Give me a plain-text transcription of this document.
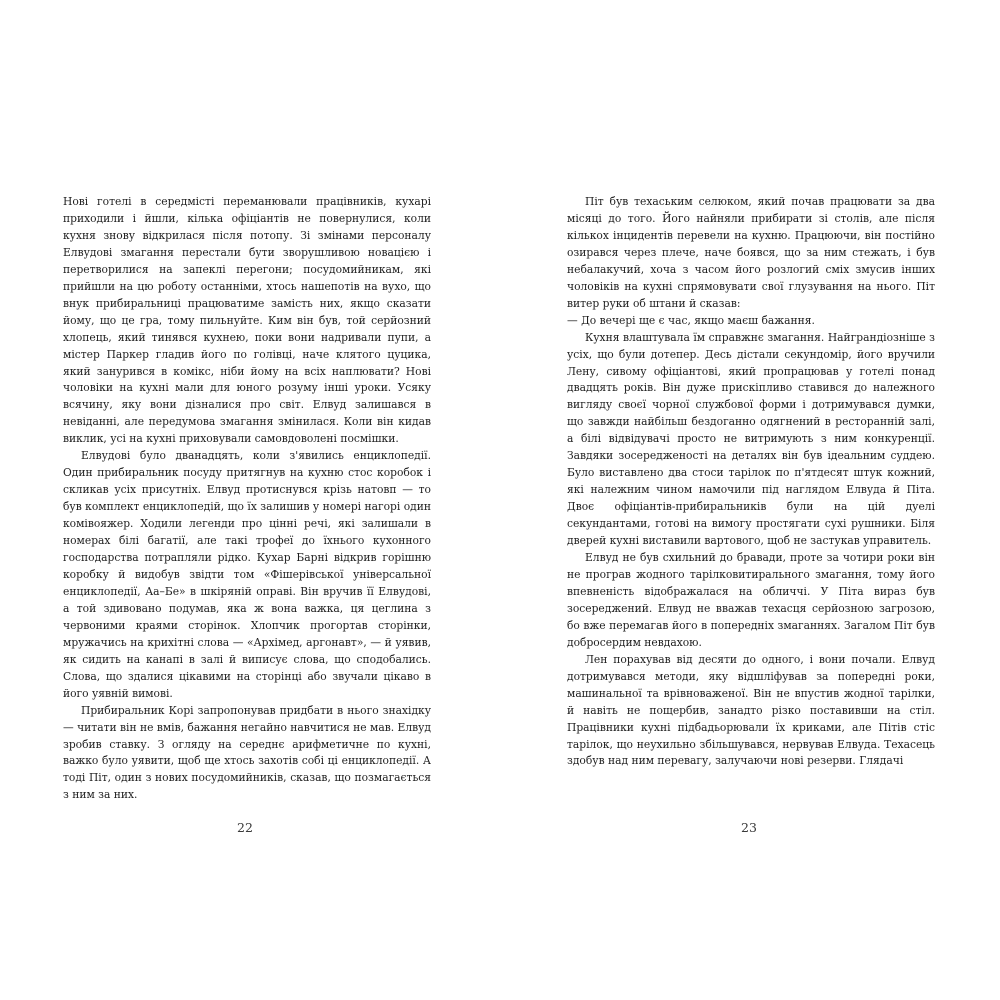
Нові готелі в середмісті переманювали працівників, кухарі приходили і йшли, кілька офіціантів не повернулися, коли кухня знову відкрилася після потопу. Зі змінами персоналу Елвудові змагання перестали бути зворушливою новацією і перетворилися на запеклі перегони; посудомийникам, які прийшли на цю роботу останніми, хтось нашепотів на вухо, що внук прибиральниці працюватиме замість них, якщо сказати йому, що це гра, тому пильнуйте. Ким він був, той серйозний хлопець, який тинявся кухнею, поки вони надривали пупи, а містер Паркер гладив його по голівці, наче клятого цуцика, який занурився в комікс, ніби йому на всіх наплювати? Нові чоловіки на кухні мали для юного розуму інші уроки. Усяку всячину, яку вони дізналися про світ. Елвуд залишався в невіданні, але передумова змагання змінилася. Коли він кидав виклик, усі на кухні приховували самовдоволені посмішки.

Елвудові було дванадцять, коли з'явились енциклопедії. Один прибиральник посуду притягнув на кухню стос коробок і скликав усіх присутніх. Елвуд протиснувся крізь натовп — то був комплект енциклопедій, що їх залишив у номері нагорі один комівояжер. Ходили легенди про цінні речі, які залишали в номерах білі багатії, але такі трофеї до їхнього кухонного господарства потрапляли рідко. Кухар Барні відкрив горішню коробку й видобув звідти том «Фішерівської універсальної енциклопедії, Аа–Бе» в шкіряній оправі. Він вручив її Елвудові, а той здивовано подумав, яка ж вона важка, ця цеглина з червоними краями сторінок. Хлопчик прогортав сторінки, мружачись на крихітні слова — «Архімед, аргонавт», — й уявив, як сидить на канапі в залі й виписує слова, що сподобались. Слова, що здалися цікавими на сторінці або звучали цікаво в його уявній вимові.

Прибиральник Корі запропонував придбати в нього знахідку — читати він не вмів, бажання негайно навчитися не мав. Елвуд зробив ставку. З огляду на середнє арифметичне по кухні, важко було уявити, щоб ще хтось захотів собі ці енциклопедії. А тоді Піт, один з нових посудомийників, сказав, що позмагається з ним за них.

22

Піт був техаським селюком, який почав працювати за два місяці до того. Його найняли прибирати зі столів, але після кількох інцидентів перевели на кухню. Працюючи, він постійно озирався через плече, наче боявся, що за ним стежать, і був небалакучий, хоча з часом його розлогий сміх змусив інших чоловіків на кухні спрямовувати свої глузування на нього. Піт витер руки об штани й сказав:

— До вечері ще є час, якщо маєш бажання.

Кухня влаштувала їм справжнє змагання. Найграндіозніше з усіх, що були дотепер. Десь дістали секундомір, його вручили Лену, сивому офіціантові, який пропрацював у готелі понад двадцять років. Він дуже прискіпливо ставився до належного вигляду своєї чорної службової форми і дотримувався думки, що завжди найбільш бездоганно одягнений в ресторанній залі, а білі відвідувачі просто не витримують з ним конкуренції. Завдяки зосередженості на деталях він був ідеальним суддею. Було виставлено два стоси тарілок по п'ятдесят штук кожний, які належним чином намочили під наглядом Елвуда й Піта. Двоє офіціантів-прибиральників були на цій дуелі секундантами, готові на вимогу простягати сухі рушники. Біля дверей кухні виставили вартового, щоб не застукав управитель.

Елвуд не був схильний до бравади, проте за чотири роки він не програв жодного тарілковитирального змагання, тому його впевненість відображалася на обличчі. У Піта вираз був зосереджений. Елвуд не вважав техасця серйозною загрозою, бо вже перемагав його в попередніх змаганнях. Загалом Піт був добросердим невдахою.

Лен порахував від десяти до одного, і вони почали. Елвуд дотримувався методи, яку відшліфував за попередні роки, машинальної та врівноваженої. Він не впустив жодної тарілки, й навіть не пощербив, занадто різко поставивши на стіл. Працівники кухні підбадьорювали їх криками, але Пітів стіс тарілок, що неухильно збільшувався, нервував Елвуда. Техасець здобув над ним перевагу, залучаючи нові резерви. Глядачі

23
